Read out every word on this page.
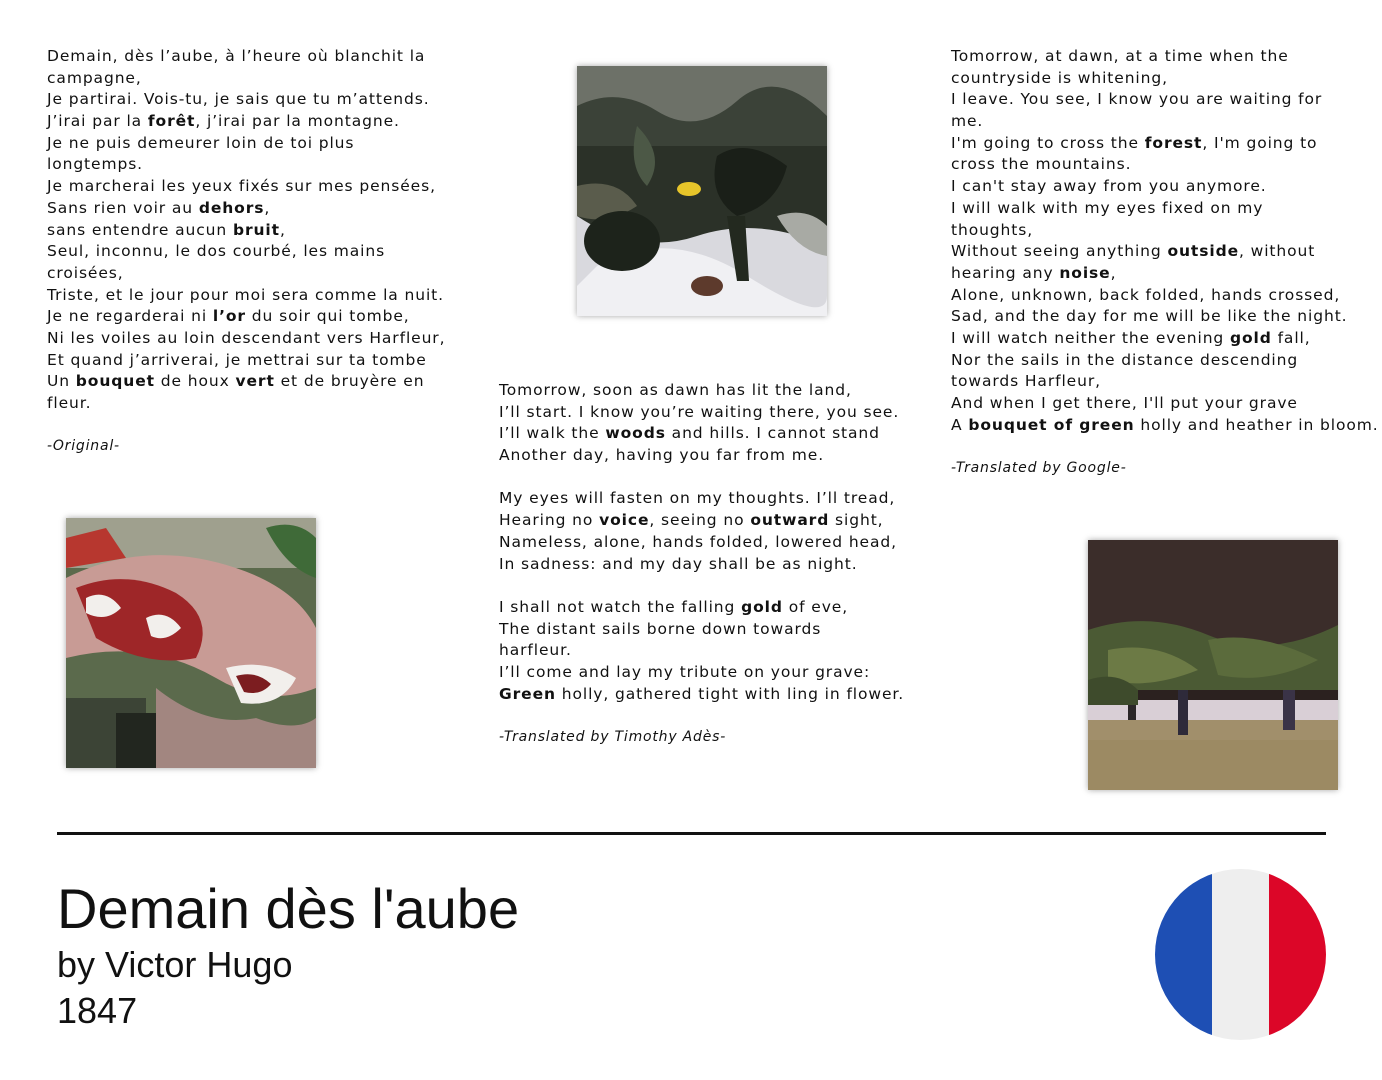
Demain, dès l’aube, à l’heure où blanchit la
campagne,
Je partirai. Vois-tu, je sais que tu m’attends.
J’irai par la forêt, j’irai par la montagne.
Je ne puis demeurer loin de toi plus
longtemps.
Je marcherai les yeux fixés sur mes pensées,
Sans rien voir au dehors,
sans entendre aucun bruit,
Seul, inconnu, le dos courbé, les mains
croisées,
Triste, et le jour pour moi sera comme la nuit.
Je ne regarderai ni l’or du soir qui tombe,
Ni les voiles au loin descendant vers Harfleur,
Et quand j’arriverai, je mettrai sur ta tombe
Un bouquet de houx vert et de bruyère en
fleur.
-Original-
Tomorrow, soon as dawn has lit the land,
I’ll start. I know you’re waiting there, you see.
I’ll walk the woods and hills. I cannot stand
Another day, having you far from me.
My eyes will fasten on my thoughts. I’ll tread,
Hearing no voice, seeing no outward sight,
Nameless, alone, hands folded, lowered head,
In sadness: and my day shall be as night.
I shall not watch the falling gold of eve,
The distant sails borne down towards
harfleur.
I’ll come and lay my tribute on your grave:
Green holly, gathered tight with ling in flower.
-Translated by Timothy Adès-
Tomorrow, at dawn, at a time when the
countryside is whitening,
I leave. You see, I know you are waiting for
me.
I'm going to cross the forest, I'm going to
cross the mountains.
I can't stay away from you anymore.
I will walk with my eyes fixed on my
thoughts,
Without seeing anything outside, without
hearing any noise,
Alone, unknown, back folded, hands crossed,
Sad, and the day for me will be like the night.
I will watch neither the evening gold fall,
Nor the sails in the distance descending
towards Harfleur,
And when I get there, I'll put your grave
A bouquet of green holly and heather in bloom.
-Translated by Google-
Demain dès l'aube
by Victor Hugo
1847
